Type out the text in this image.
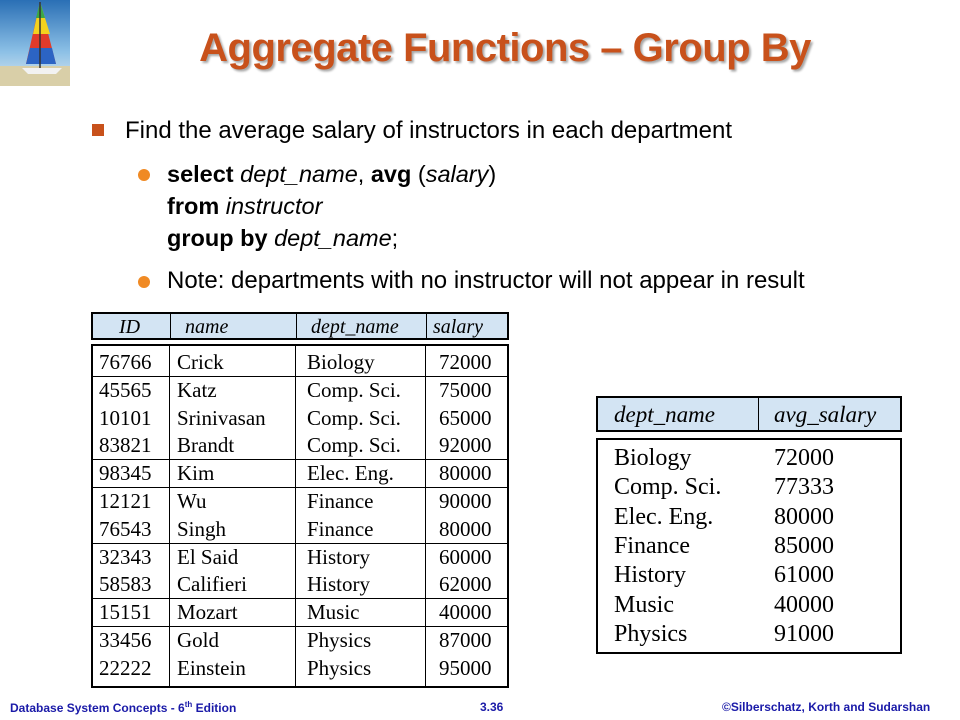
Aggregate Functions – Group By
Find the average salary of instructors in each department
select dept_name, avg (salary)
from instructor
group by dept_name;
Note: departments with no instructor will not appear in result
ID	name	dept_name	salary
76766 Crick	Biology	72000
45565 Katz	Comp. Sci. 75000
10101 Srinivasan Comp. Sci. 65000
83821 Brandt	Comp. Sci. 92000
98345 Kim	Elec. Eng. 80000
12121 Wu	Finance	90000
76543 Singh	Finance	80000
32343 El Said	History	60000
58583 Califieri	History	62000
15151 Mozart	Music	40000
33456 Gold	Physics	87000
22222 Einstein	Physics	95000
dept_name	avg_salary
Biology	72000
Comp. Sci. 77333
Elec. Eng.	80000
Finance	85000
History	61000
Music	40000
Physics	91000
Database System Concepts - 6th Edition	3.36	©Silberschatz, Korth and Sudarshan
